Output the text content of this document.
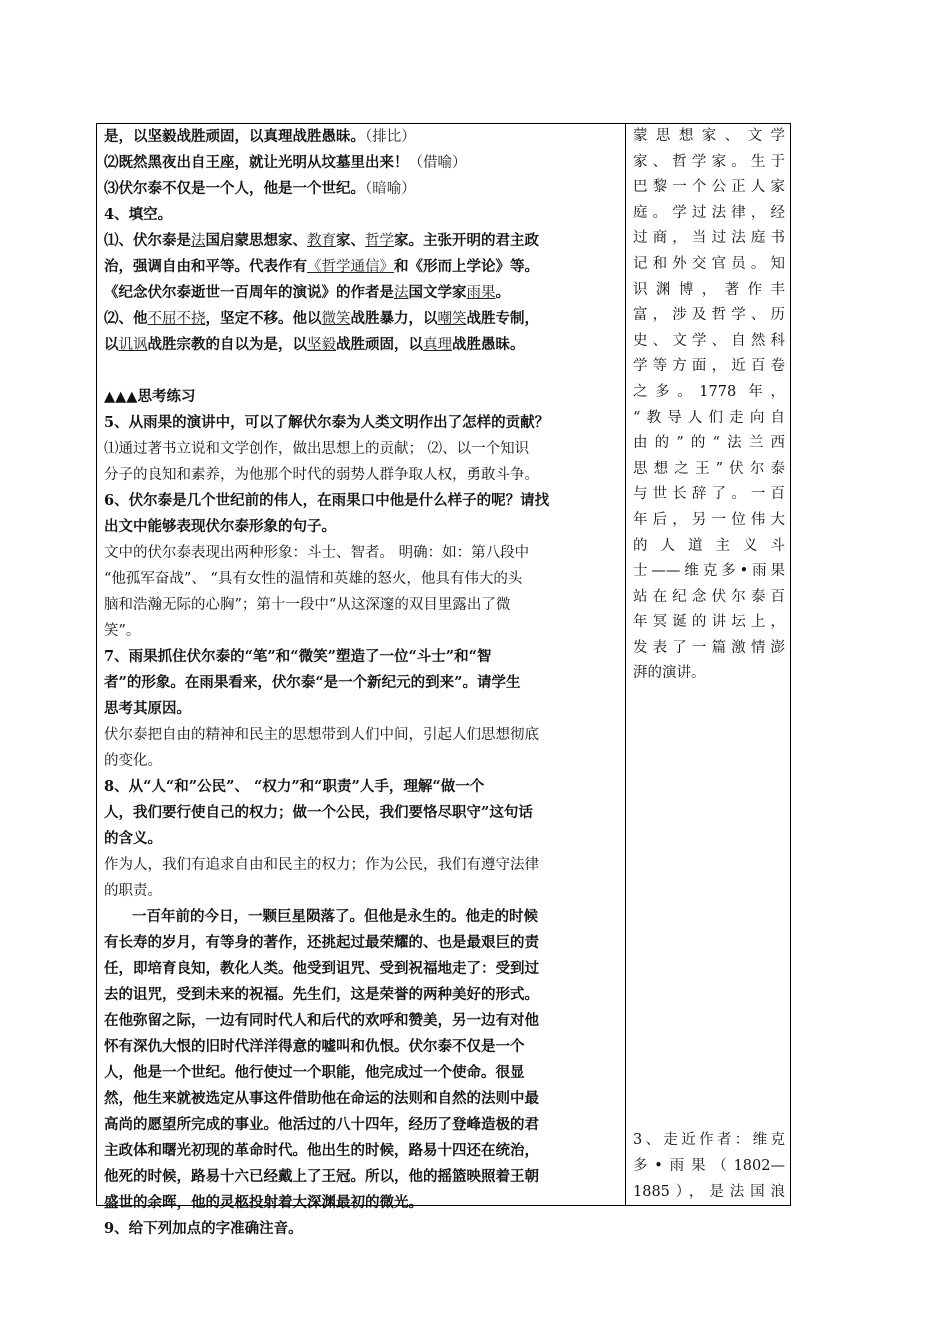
是，以坚毅战胜顽固，以真理战胜愚昧。（排比）
⑵既然黑夜出自王座，就让光明从坟墓里出来！（借喻）
⑶伏尔泰不仅是一个人，他是一个世纪。（暗喻）
4、填空。
⑴、伏尔泰是法国启蒙思想家、教育家、哲学家。主张开明的君主政
治，强调自由和平等。代表作有《哲学通信》和《形而上学论》等。
《纪念伏尔泰逝世一百周年的演说》的作者是法国文学家雨果。
⑵、他不屈不挠，坚定不移。他以微笑战胜暴力，以嘲笑战胜专制，
以讥讽战胜宗教的自以为是，以坚毅战胜顽固，以真理战胜愚昧。
▲▲▲思考练习
5、从雨果的演讲中，可以了解伏尔泰为人类文明作出了怎样的贡献？
⑴通过著书立说和文学创作，做出思想上的贡献； ⑵、以一个知识
分子的良知和素养，为他那个时代的弱势人群争取人权，勇敢斗争。
6、伏尔泰是几个世纪前的伟人，在雨果口中他是什么样子的呢？请找
出文中能够表现伏尔泰形象的句子。
文中的伏尔泰表现出两种形象：斗士、智者。 明确：如：第八段中
“他孤军奋战”、 “具有女性的温情和英雄的怒火，他具有伟大的头
脑和浩瀚无际的心胸”；第十一段中“从这深邃的双目里露出了微
笑”。
7、雨果抓住伏尔泰的“笔”和“微笑”塑造了一位“斗士”和“智
者”的形象。在雨果看来，伏尔泰“是一个新纪元的到来”。请学生
思考其原因。
伏尔泰把自由的精神和民主的思想带到人们中间，引起人们思想彻底
的变化。
8、从“人“和”公民”、 “权力”和“职责”人手，理解“做一个
人，我们要行使自己的权力；做一个公民，我们要恪尽职守”这句话
的含义。
作为人，我们有追求自由和民主的权力；作为公民，我们有遵守法律
的职责。
一百年前的今日，一颗巨星陨落了。但他是永生的。他走的时候
有长寿的岁月，有等身的著作，还挑起过最荣耀的、也是最艰巨的责
任，即培育良知，教化人类。他受到诅咒、受到祝福地走了：受到过
去的诅咒，受到未来的祝福。先生们，这是荣誉的两种美好的形式。
在他弥留之际，一边有同时代人和后代的欢呼和赞美，另一边有对他
怀有深仇大恨的旧时代洋洋得意的嘘叫和仇恨。伏尔泰不仅是一个
人，他是一个世纪。他行使过一个职能，他完成过一个使命。很显
然，他生来就被选定从事这件借助他在命运的法则和自然的法则中最
高尚的愿望所完成的事业。他活过的八十四年，经历了登峰造极的君
主政体和曙光初现的革命时代。他出生的时候，路易十四还在统治，
他死的时候，路易十六已经戴上了王冠。所以，他的摇篮映照着王朝
盛世的余晖，他的灵柩投射着大深渊最初的微光。
9、给下列加点的字准确注音。
蒙思想家、文学
家、哲学家。生于
巴黎一个公正人家
庭。学过法律，经
过商，当过法庭书
记和外交官员。知
识渊博，著作丰
富，涉及哲学、历
史、文学、自然科
学等方面，近百卷
之多。1778 年，
“教导人们走向自
由的”的“法兰西
思想之王”伏尔泰
与世长辞了。一百
年后，另一位伟大
的人道主义斗
士——维克多•雨果
站在纪念伏尔泰百
年冥诞的讲坛上，
发表了一篇激情澎
湃的演讲。
3、走近作者：维克
多•雨果（1802—
1885），是法国浪
